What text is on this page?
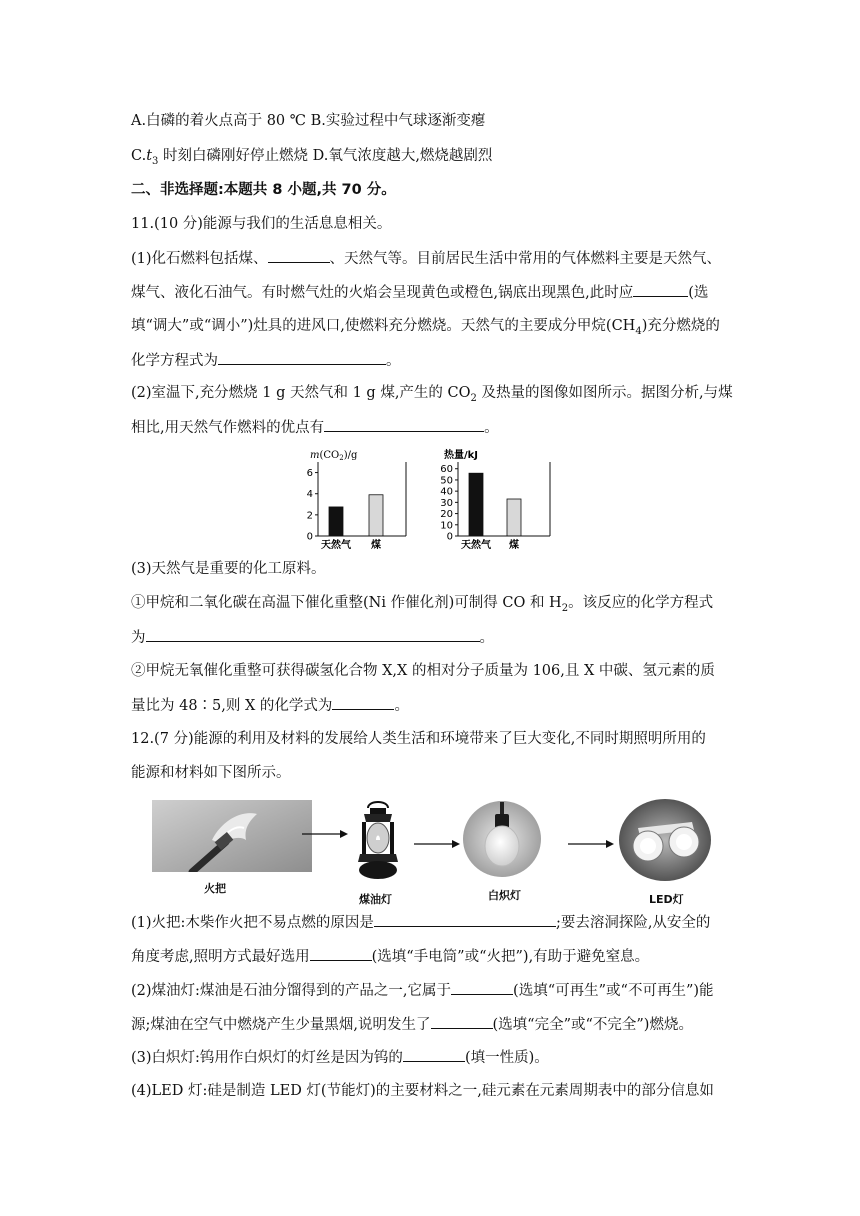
A.白磷的着火点高于 80 ℃ B.实验过程中气球逐渐变瘪
$C.t_3$ 时刻白磷刚好停止燃烧 D.氧气浓度越大,燃烧越剧烈
二、非选择题:本题共 8 小题,共 70 分。
11.(10 分)能源与我们的生活息息相关。
(1)化石燃料包括煤、	、天然气等。目前居民生活中常用的气体燃料主要是天然气、
煤气、液化石油气。有时燃气灶的火焰会呈现黄色或橙色,锅底出现黑色,此时应	(选
填“调大”或“调小”)灶具的进风口,使燃料充分燃烧。天然气的主要成分甲烷$(CH_4)$充分燃烧的
化学方程式为	。
(2)室温下,充分燃烧 1 g 天然气和 1 g 煤,产生的 $CO_2$ 及热量的图像如图所示。据图分析,与煤
相比,用天然气作燃料的优点有	。
$m(CO_2)/g$
0
2
4
6
天然气 煤
热量/kJ
0
10
20
30
40
50
60
天然气 煤
(3)天然气是重要的化工原料。
①甲烷和二氧化碳在高温下催化重整(Ni 作催化剂)可制得 CO 和 $H_2$。该反应的化学方程式
为	。
②甲烷无氧催化重整可获得碳氢化合物 X,X 的相对分子质量为 106,且 X 中碳、氢元素的质
量比为 48∶5,则 X 的化学式为	。
12.(7 分)能源的利用及材料的发展给人类生活和环境带来了巨大变化,不同时期照明所用的
能源和材料如下图所示。
火把
煤油灯	白炽灯	LED灯
(1)火把:木柴作火把不易点燃的原因是	;要去溶洞探险,从安全的
角度考虑,照明方式最好选用	(选填“手电筒”或“火把”),有助于避免窒息。
(2)煤油灯:煤油是石油分馏得到的产品之一,它属于	(选填“可再生”或“不可再生”)能
源;煤油在空气中燃烧产生少量黑烟,说明发生了	(选填“完全”或“不完全”)燃烧。
(3)白炽灯:钨用作白炽灯的灯丝是因为钨的	(填一性质)。
(4)LED 灯:硅是制造 LED 灯(节能灯)的主要材料之一,硅元素在元素周期表中的部分信息如
